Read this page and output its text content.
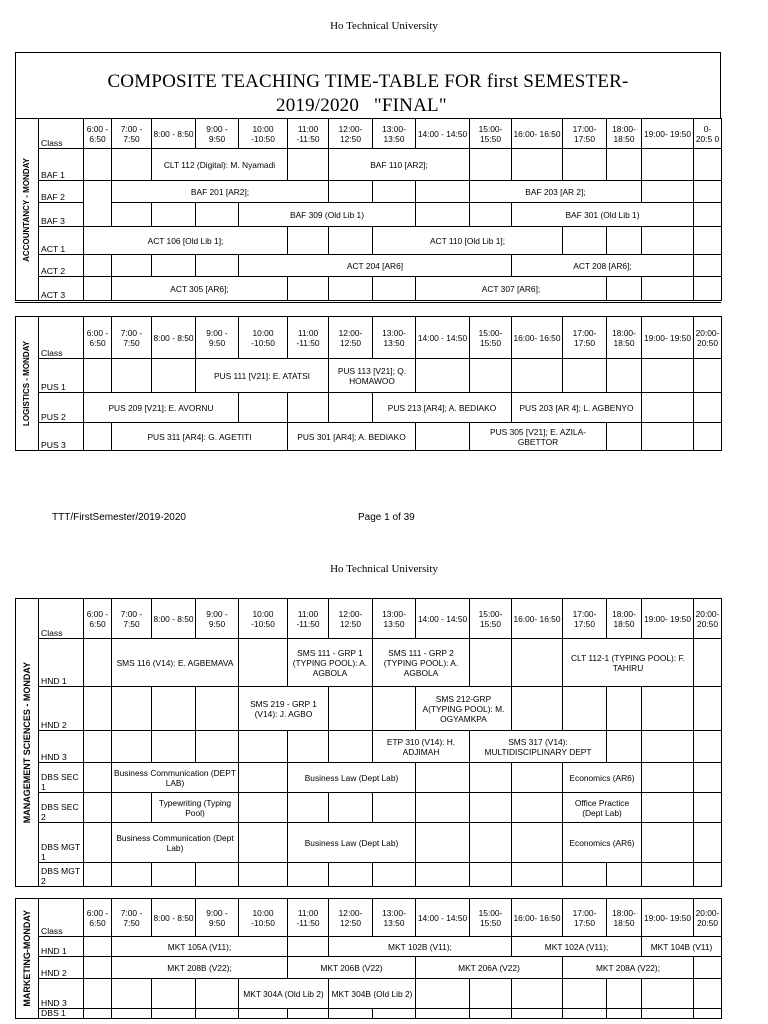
Ho Technical University
COMPOSITE TEACHING TIME-TABLE FOR first SEMESTER-
2019/2020   "FINAL"
ACCOUNTANCY - MONDAY	Class	6:00 - 6:50	7:00 - 7:50	8:00 - 8:50	9:00 - 9:50	10:00 -10:50	11:00 -11:50	12:00- 12:50	13:00- 13:50	14:00 - 14:50	15:00- 15:50	16:00- 16:50	17:00- 17:50	18:00- 18:50	19:00- 19:50	0- 20:5 0
	BAF 1			CLT 112 (Digital): M. Nyamadi				BAF 110 [AR2];								
	BAF 2		BAF 201 [AR2];								BAF 203 [AR 2];					
	BAF 3					BAF 309 (Old Lib 1)						BAF 301 (Old Lib 1)				
	ACT 1	ACT 106 [Old Lib 1];							ACT 110 [Old Lib 1];							
	ACT 2					ACT 204 [AR6]						ACT 208 [AR6];				
	ACT 3		ACT 305 [AR6];							ACT 307 [AR6];						
LOGISTICS - MONDAY	Class	6:00 - 6:50	7:00 - 7:50	8:00 - 8:50	9:00 - 9:50	10:00 -10:50	11:00 -11:50	12:00- 12:50	13:00- 13:50	14:00 - 14:50	15:00- 15:50	16:00- 16:50	17:00- 17:50	18:00- 18:50	19:00- 19:50	20:00- 20:50
	PUS 1				PUS 111 [V21]: E. ATATSI			PUS 113 [V21]; Q. HOMAWOO								
	PUS 2	PUS 209 [V21]; E. AVORNU							PUS 213 [AR4]; A. BEDIAKO			PUS 203 [AR 4]; L. AGBENYO				
	PUS 3		PUS 311 [AR4]: G. AGETITI				PUS 301 [AR4]; A. BEDIAKO				PUS 305 [V21]; E. AZILA-GBETTOR					
TTT/FirstSemester/2019-2020	Page 1 of 39
Ho Technical University
MANAGEMENT SCIENCES - MONDAY	Class	6:00 - 6:50	7:00 - 7:50	8:00 - 8:50	9:00 - 9:50	10:00 -10:50	11:00 -11:50	12:00- 12:50	13:00- 13:50	14:00 - 14:50	15:00- 15:50	16:00- 16:50	17:00- 17:50	18:00- 18:50	19:00- 19:50	20:00- 20:50	
	HND 1		SMS 116 (V14): E. AGBEMAVA				SMS 111 - GRP 1 (TYPING POOL): A. AGBOLA		SMS 111 - GRP 2 (TYPING POOL): A. AGBOLA				CLT 112-1 (TYPING POOL): F. TAHIRU				
	HND 2					SMS 219 - GRP 1 (V14): J. AGBO				SMS 212-GRP A(TYPING POOL): M. OGYAMKPA							
	HND 3								ETP 310 (V14): H. ADJIMAH		SMS 317 (V14): MULTIDISCIPLINARY DEPT						
	DBS SEC 1		Business Communication (DEPT LAB)				Business Law (Dept Lab)						Economics (AR6)				
	DBS SEC 2			Typewriting (Typing Pool)									Office Practice (Dept Lab)				
	DBS MGT 1		Business Communication (Dept Lab)				Business Law (Dept Lab)						Economics (AR6)				
	DBS MGT 2																
MARKETING-MONDAY	Class	6:00 - 6:50	7:00 - 7:50	8:00 - 8:50	9:00 - 9:50	10:00 -10:50	11:00 -11:50	12:00- 12:50	13:00- 13:50	14:00 - 14:50	15:00- 15:50	16:00- 16:50	17:00- 17:50	18:00- 18:50	19:00- 19:50	20:00- 20:50	
	HND 1		MKT 105A (V11);					MKT 102B (V11);				MKT 102A (V11);			MKT 104B (V11)		
	HND 2		MKT 208B (V22);				MKT 206B (V22)			MKT 206A (V22)			MKT 208A (V22);				
	HND 3					MKT 304A (Old Lib 2)		MKT 304B (Old Lib 2)									
	DBS 1																
